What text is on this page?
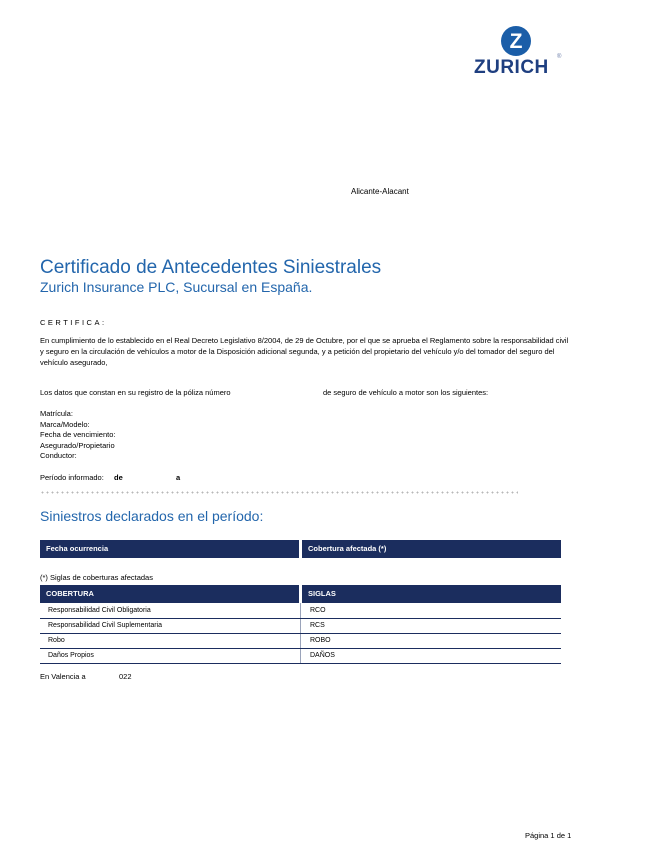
Z
ZURICH ®
Alicante-Alacant
Certificado de Antecedentes Siniestrales
Zurich Insurance PLC, Sucursal en España.
CERTIFICA:
En cumplimiento de lo establecido en el Real Decreto Legislativo 8/2004, de 29 de Octubre, por el que se aprueba el Reglamento sobre la responsabilidad civil y seguro en la circulación de vehículos a motor de la Disposición adicional segunda, y a petición del propietario del vehículo y/o del tomador del seguro del vehículo asegurado,
Los datos que constan en su registro de la póliza número	de seguro de vehículo a motor son los siguientes:
Matrícula:
Marca/Modelo:
Fecha de vencimiento:
Asegurado/Propietario
Conductor:
Período informado: de	a
Siniestros declarados en el período:
Fecha ocurrencia	Cobertura afectada (*)
(*) Siglas de coberturas afectadas
COBERTURA	SIGLAS
Responsabilidad Civil Obligatoria	RCO
Responsabilidad Civil Suplementaria	RCS
Robo	ROBO
Daños Propios	DAÑOS
En Valencia a	022
Página 1 de 1
